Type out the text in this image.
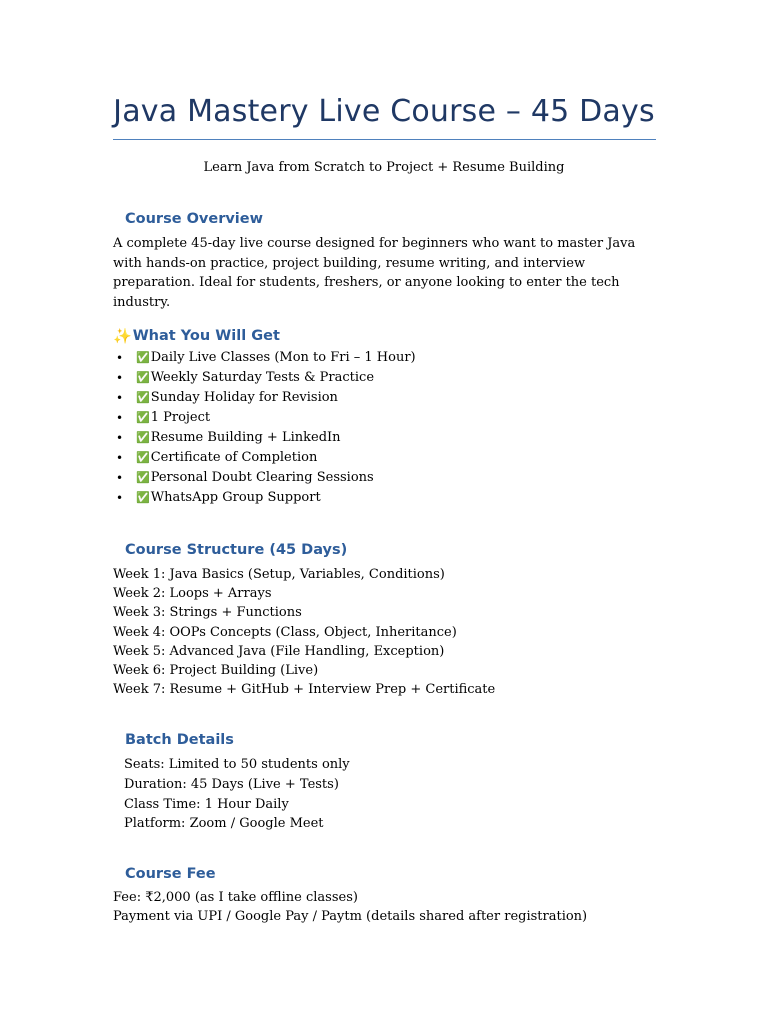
Java Mastery Live Course – 45 Days
Learn Java from Scratch to Project + Resume Building
Course Overview
A complete 45-day live course designed for beginners who want to master Java with hands-on practice, project building, resume writing, and interview preparation. Ideal for students, freshers, or anyone looking to enter the tech industry.
✨What You Will Get
• ✅Daily Live Classes (Mon to Fri – 1 Hour)
• ✅Weekly Saturday Tests & Practice
• ✅Sunday Holiday for Revision
• ✅1 Project
• ✅Resume Building + LinkedIn
• ✅Certificate of Completion
• ✅Personal Doubt Clearing Sessions
• ✅WhatsApp Group Support
Course Structure (45 Days)
Week 1: Java Basics (Setup, Variables, Conditions)
Week 2: Loops + Arrays
Week 3: Strings + Functions
Week 4: OOPs Concepts (Class, Object, Inheritance)
Week 5: Advanced Java (File Handling, Exception)
Week 6: Project Building (Live)
Week 7: Resume + GitHub + Interview Prep + Certificate
Batch Details
Seats: Limited to 50 students only
Duration: 45 Days (Live + Tests)
Class Time: 1 Hour Daily
Platform: Zoom / Google Meet
Course Fee
Fee: ₹2,000 (as I take offline classes)
Payment via UPI / Google Pay / Paytm (details shared after registration)
